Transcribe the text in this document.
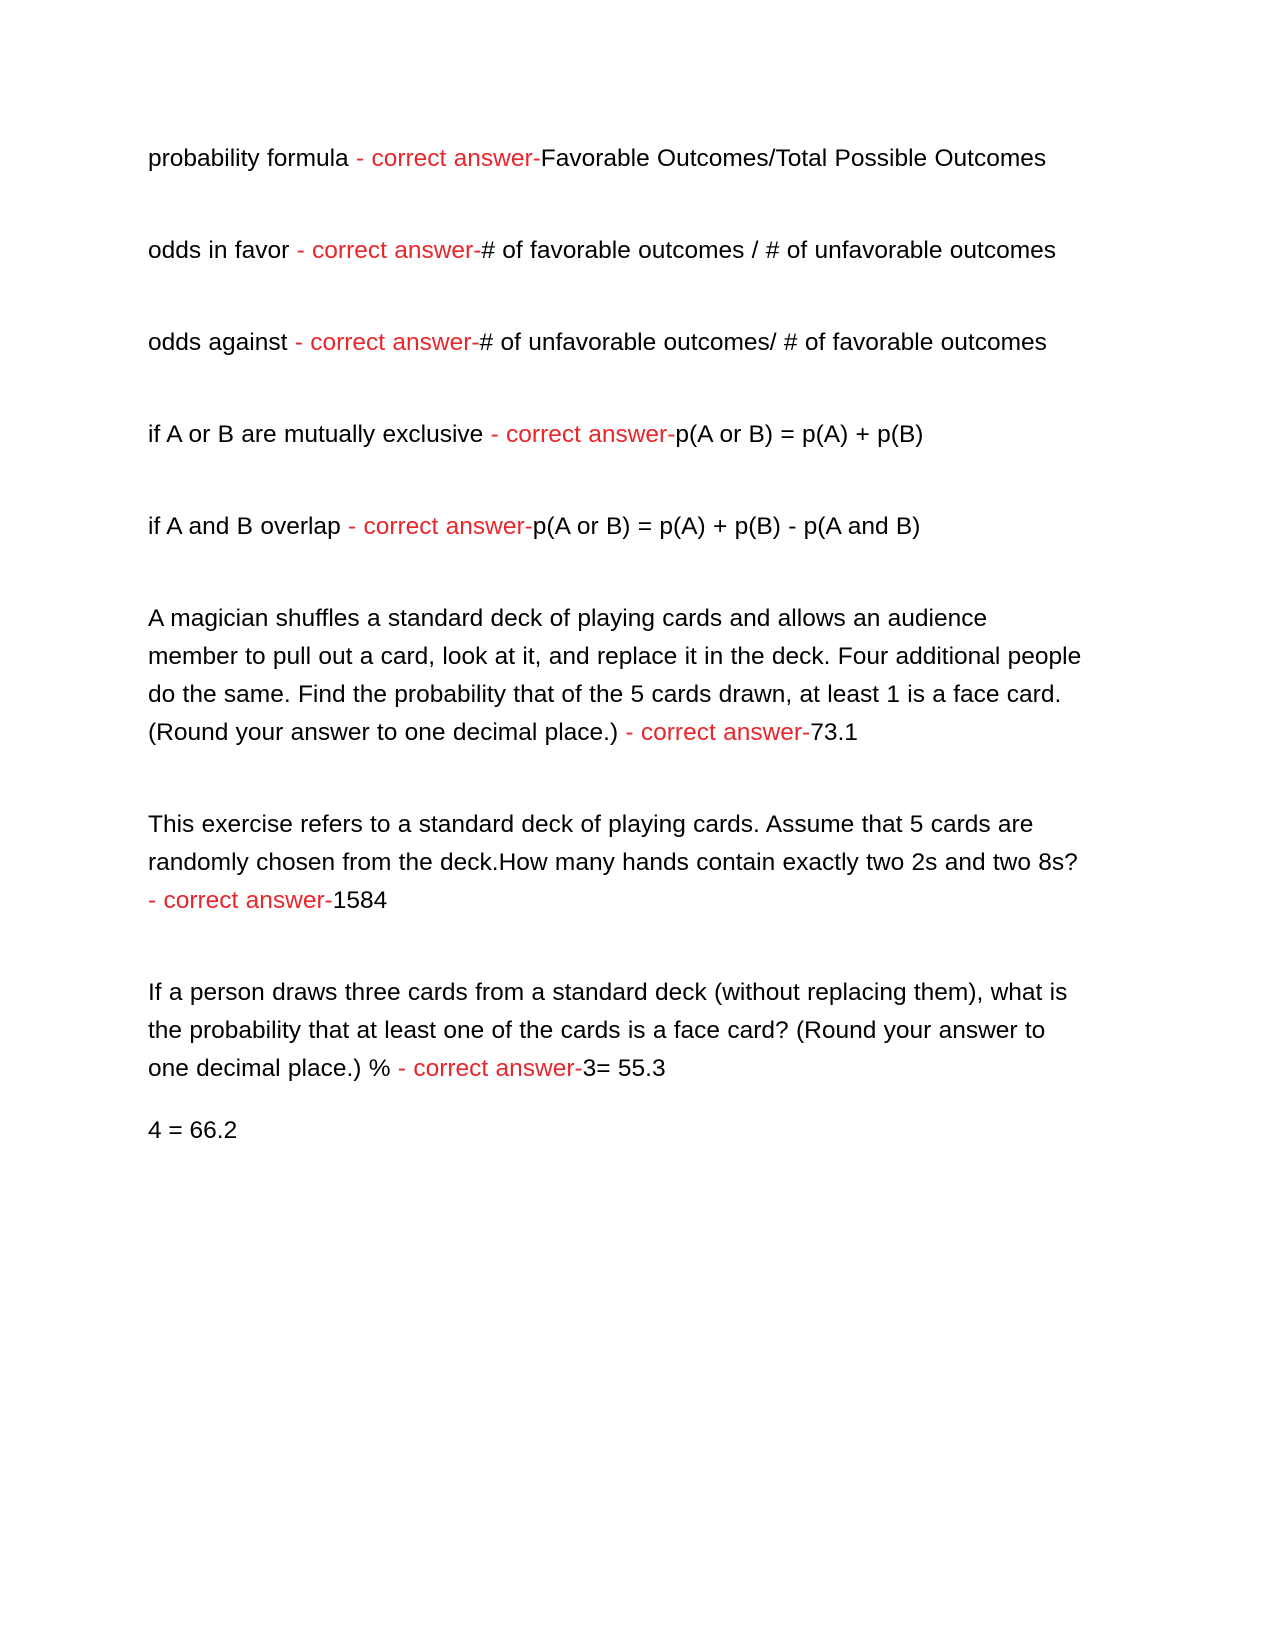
probability formula - correct answer-Favorable Outcomes/Total Possible Outcomes

odds in favor - correct answer-# of favorable outcomes / # of unfavorable outcomes

odds against - correct answer-# of unfavorable outcomes/ # of favorable outcomes

if A or B are mutually exclusive - correct answer-p(A or B) = p(A) + p(B)

if A and B overlap - correct answer-p(A or B) = p(A) + p(B) - p(A and B)

A magician shuffles a standard deck of playing cards and allows an audience member to pull out a card, look at it, and replace it in the deck. Four additional people do the same. Find the probability that of the 5 cards drawn, at least 1 is a face card. (Round your answer to one decimal place.) - correct answer-73.1

This exercise refers to a standard deck of playing cards. Assume that 5 cards are randomly chosen from the deck.How many hands contain exactly two 2s and two 8s? - correct answer-1584

If a person draws three cards from a standard deck (without replacing them), what is the probability that at least one of the cards is a face card? (Round your answer to one decimal place.) % - correct answer-3= 55.3

4 = 66.2
